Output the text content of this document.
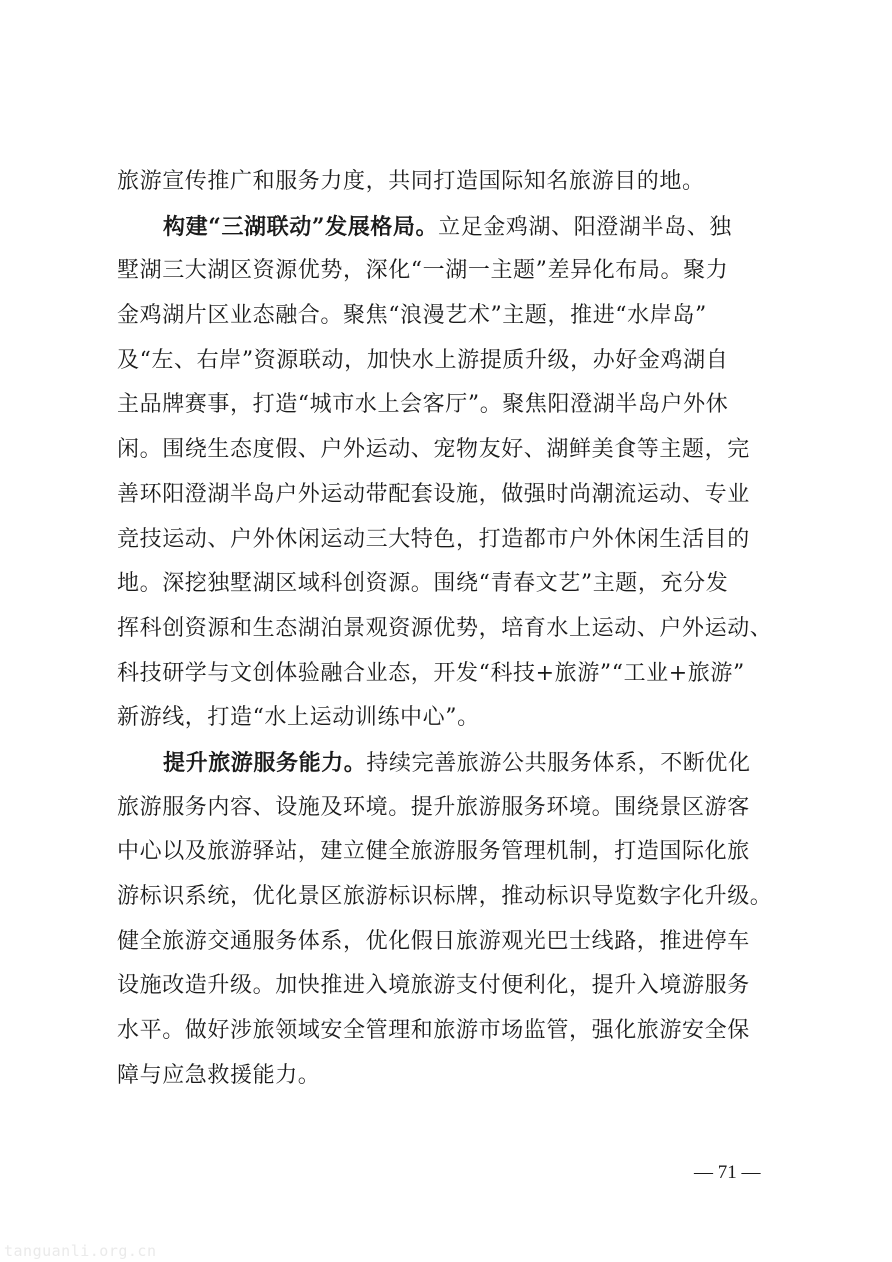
旅游宣传推广和服务力度，共同打造国际知名旅游目的地。
构建“三湖联动”发展格局。立足金鸡湖、阳澄湖半岛、独
墅湖三大湖区资源优势，深化“一湖一主题”差异化布局。聚力
金鸡湖片区业态融合。聚焦“浪漫艺术”主题，推进“水岸岛”
及“左、右岸”资源联动，加快水上游提质升级，办好金鸡湖自
主品牌赛事，打造“城市水上会客厅”。聚焦阳澄湖半岛户外休
闲。围绕生态度假、户外运动、宠物友好、湖鲜美食等主题，完
善环阳澄湖半岛户外运动带配套设施，做强时尚潮流运动、专业
竞技运动、户外休闲运动三大特色，打造都市户外休闲生活目的
地。深挖独墅湖区域科创资源。围绕“青春文艺”主题，充分发
挥科创资源和生态湖泊景观资源优势，培育水上运动、户外运动、
科技研学与文创体验融合业态，开发“科技+旅游”“工业+旅游”
新游线，打造“水上运动训练中心”。
提升旅游服务能力。持续完善旅游公共服务体系，不断优化
旅游服务内容、设施及环境。提升旅游服务环境。围绕景区游客
中心以及旅游驿站，建立健全旅游服务管理机制，打造国际化旅
游标识系统，优化景区旅游标识标牌，推动标识导览数字化升级。
健全旅游交通服务体系，优化假日旅游观光巴士线路，推进停车
设施改造升级。加快推进入境旅游支付便利化，提升入境游服务
水平。做好涉旅领域安全管理和旅游市场监管，强化旅游安全保
障与应急救援能力。
— 71 —
tanguanli.org.cn
